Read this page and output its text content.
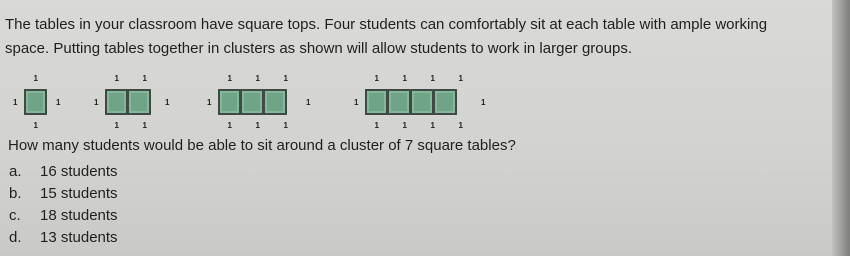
The tables in your classroom have square tops. Four students can comfortably sit at each table with ample working
space. Putting tables together in clusters as shown will allow students to work in larger groups.
1
1
1	1
1
1
1
1
1	1
1
1
1
1
1
1
1	1
1
1
1
1
1
1
1
1
1	1
How many students would be able to sit around a cluster of 7 square tables?
a.	16 students
b.	15 students
c.	18 students
d.	13 students
